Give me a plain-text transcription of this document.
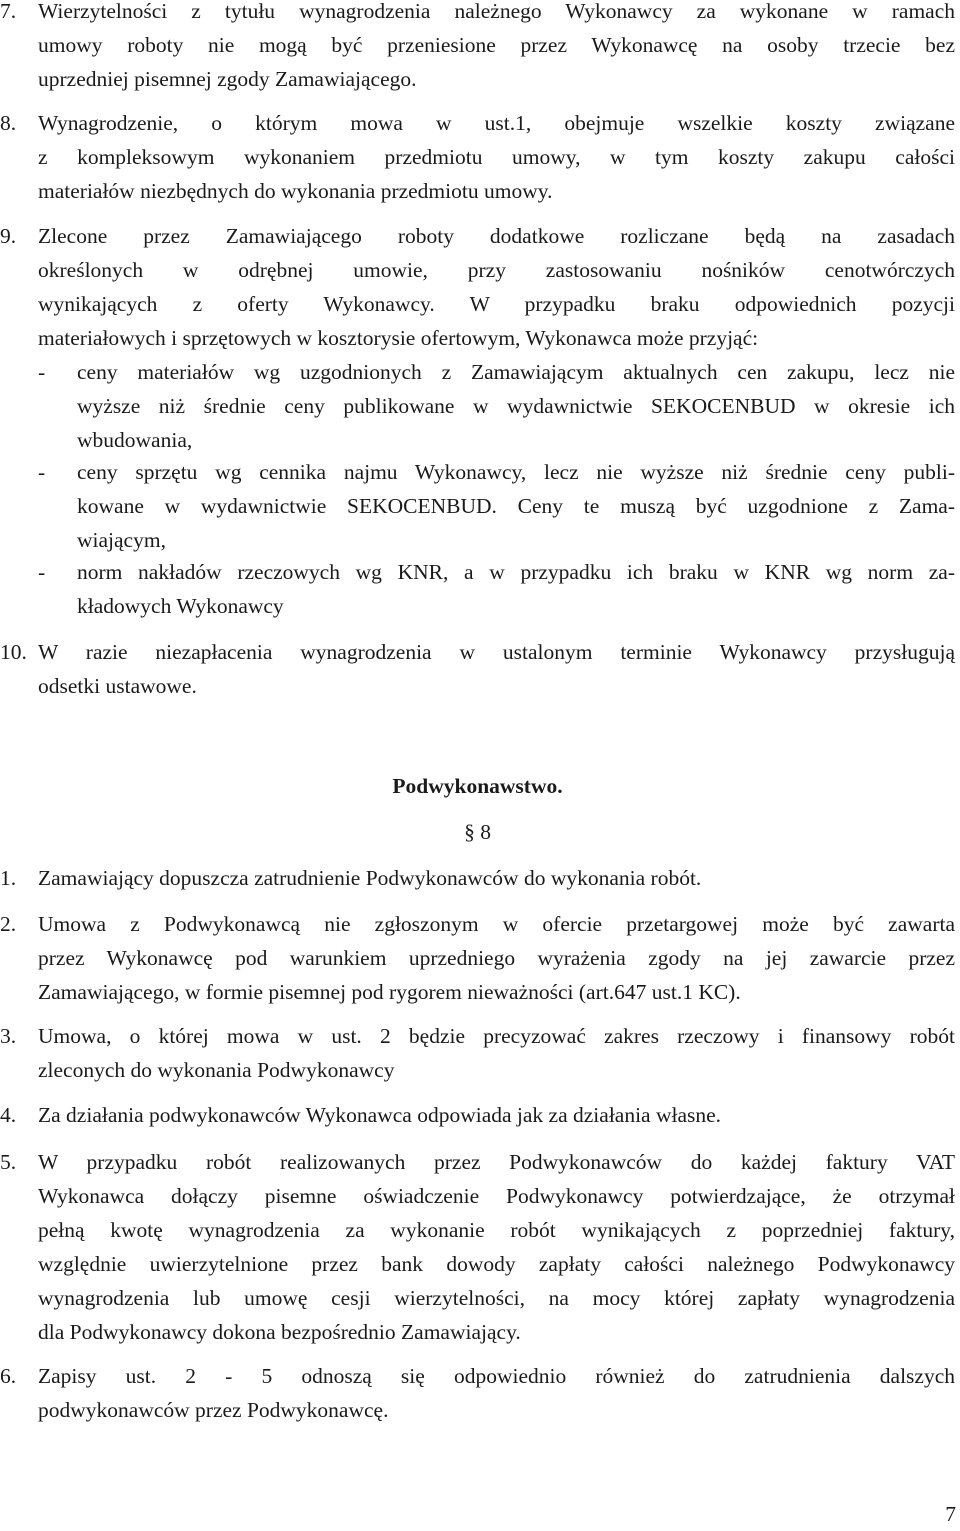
7. Wierzytelności z tytułu wynagrodzenia należnego Wykonawcy za wykonane w ramach
umowy roboty nie mogą być przeniesione przez Wykonawcę na osoby trzecie bez
uprzedniej pisemnej zgody Zamawiającego.
8. Wynagrodzenie, o którym mowa w ust.1, obejmuje wszelkie koszty związane
z kompleksowym wykonaniem przedmiotu umowy, w tym koszty zakupu całości
materiałów niezbędnych do wykonania przedmiotu umowy.
9. Zlecone przez Zamawiającego roboty dodatkowe rozliczane będą na zasadach
określonych w odrębnej umowie, przy zastosowaniu nośników cenotwórczych
wynikających z oferty Wykonawcy. W przypadku braku odpowiednich pozycji
materiałowych i sprzętowych w kosztorysie ofertowym, Wykonawca może przyjąć:
- ceny materiałów wg uzgodnionych z Zamawiającym aktualnych cen zakupu, lecz nie
wyższe niż średnie ceny publikowane w wydawnictwie SEKOCENBUD w okresie ich
wbudowania,
- ceny sprzętu wg cennika najmu Wykonawcy, lecz nie wyższe niż średnie ceny publi-
kowane w wydawnictwie SEKOCENBUD. Ceny te muszą być uzgodnione z Zama-
wiającym,
- norm nakładów rzeczowych wg KNR, a w przypadku ich braku w KNR wg norm za-
kładowych Wykonawcy
10. W razie niezapłacenia wynagrodzenia w ustalonym terminie Wykonawcy przysługują
odsetki ustawowe.
Podwykonawstwo.
§ 8
1. Zamawiający dopuszcza zatrudnienie Podwykonawców do wykonania robót.
2. Umowa z Podwykonawcą nie zgłoszonym w ofercie przetargowej może być zawarta
przez Wykonawcę pod warunkiem uprzedniego wyrażenia zgody na jej zawarcie przez
Zamawiającego, w formie pisemnej pod rygorem nieważności (art.647 ust.1 KC).
3. Umowa, o której mowa w ust. 2 będzie precyzować zakres rzeczowy i finansowy robót
zleconych do wykonania Podwykonawcy
4. Za działania podwykonawców Wykonawca odpowiada jak za działania własne.
5. W przypadku robót realizowanych przez Podwykonawców do każdej faktury VAT
Wykonawca dołączy pisemne oświadczenie Podwykonawcy potwierdzające, że otrzymał
pełną kwotę wynagrodzenia za wykonanie robót wynikających z poprzedniej faktury,
względnie uwierzytelnione przez bank dowody zapłaty całości należnego Podwykonawcy
wynagrodzenia lub umowę cesji wierzytelności, na mocy której zapłaty wynagrodzenia
dla Podwykonawcy dokona bezpośrednio Zamawiający.
6. Zapisy ust. 2 - 5 odnoszą się odpowiednio również do zatrudnienia dalszych
podwykonawców przez Podwykonawcę.
7
